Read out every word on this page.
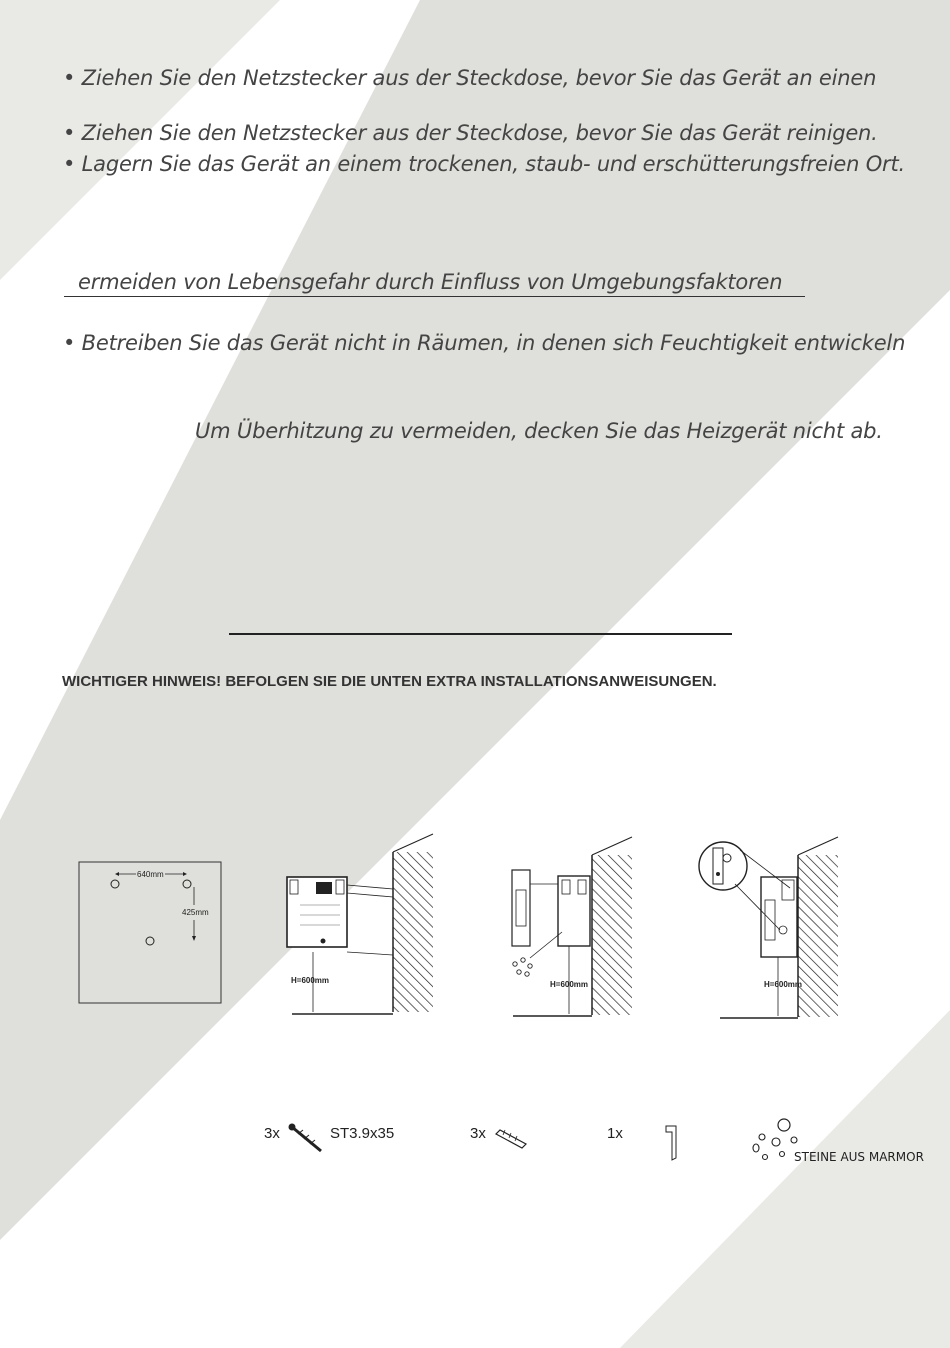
• Ziehen Sie den Netzstecker aus der Steckdose, bevor Sie das Gerät an einen
• Ziehen Sie den Netzstecker aus der Steckdose, bevor Sie das Gerät reinigen.
• Lagern Sie das Gerät an einem trockenen, staub- und erschütterungsfreien Ort.
ermeiden von Lebensgefahr durch Einfluss von Umgebungsfaktoren
• Betreiben Sie das Gerät nicht in Räumen, in denen sich Feuchtigkeit entwickeln
Um Überhitzung zu vermeiden, decken Sie das Heizgerät nicht ab.
WICHTIGER HINWEIS! BEFOLGEN SIE DIE UNTEN EXTRA INSTALLATIONSANWEISUNGEN.
640mm
425mm
H=600mm	H=600mm	H=600mm
3x	ST3.9x35	3x	1x
STEINE AUS MARMOR
